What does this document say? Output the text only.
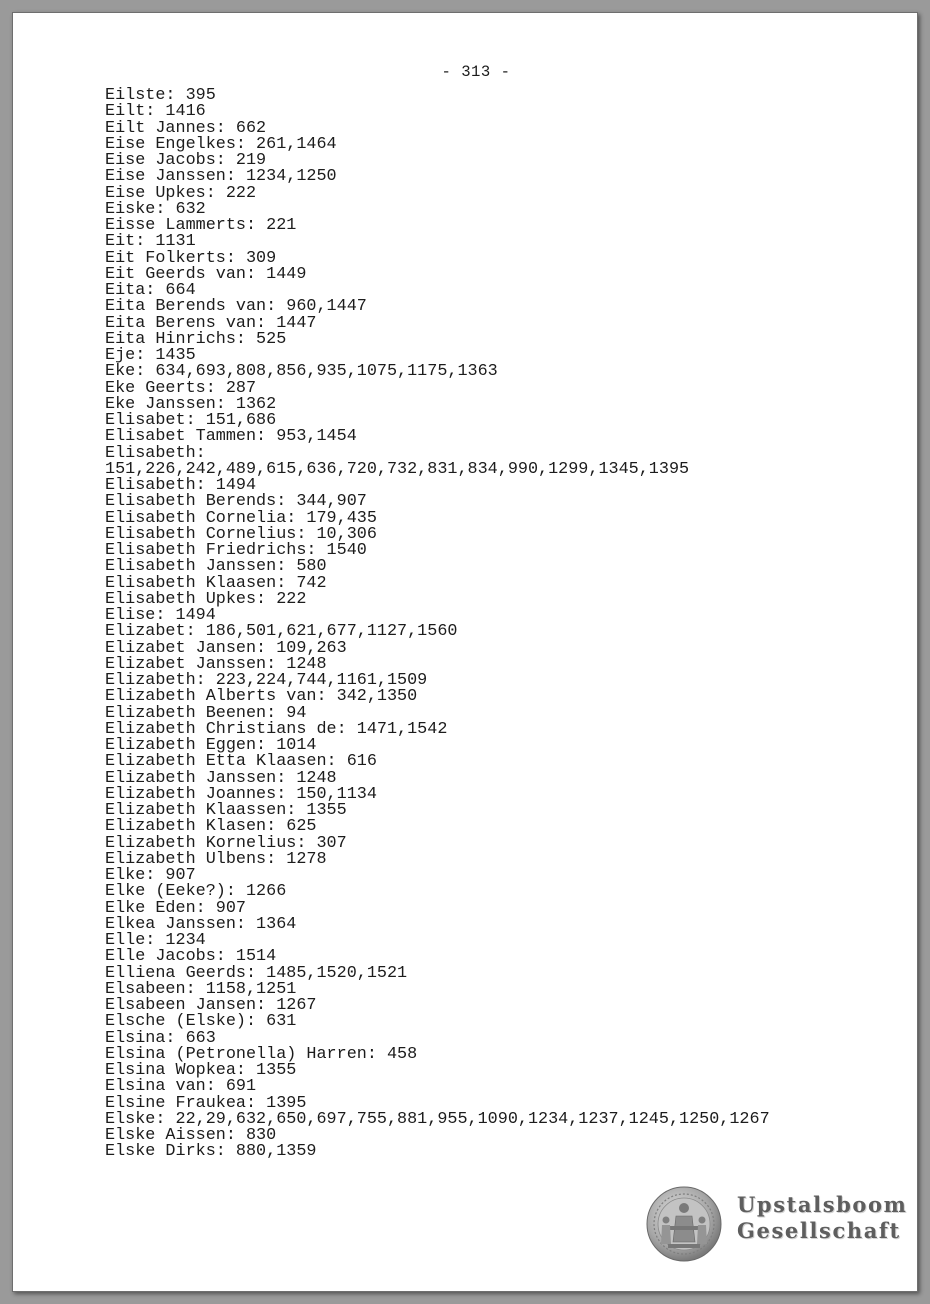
- 313 -
Eilste: 395
Eilt: 1416
Eilt Jannes: 662
Eise Engelkes: 261,1464
Eise Jacobs: 219
Eise Janssen: 1234,1250
Eise Upkes: 222
Eiske: 632
Eisse Lammerts: 221
Eit: 1131
Eit Folkerts: 309
Eit Geerds van: 1449
Eita: 664
Eita Berends van: 960,1447
Eita Berens van: 1447
Eita Hinrichs: 525
Eje: 1435
Eke: 634,693,808,856,935,1075,1175,1363
Eke Geerts: 287
Eke Janssen: 1362
Elisabet: 151,686
Elisabet Tammen: 953,1454
Elisabeth:
151,226,242,489,615,636,720,732,831,834,990,1299,1345,1395
Elisabeth: 1494
Elisabeth Berends: 344,907
Elisabeth Cornelia: 179,435
Elisabeth Cornelius: 10,306
Elisabeth Friedrichs: 1540
Elisabeth Janssen: 580
Elisabeth Klaasen: 742
Elisabeth Upkes: 222
Elise: 1494
Elizabet: 186,501,621,677,1127,1560
Elizabet Jansen: 109,263
Elizabet Janssen: 1248
Elizabeth: 223,224,744,1161,1509
Elizabeth Alberts van: 342,1350
Elizabeth Beenen: 94
Elizabeth Christians de: 1471,1542
Elizabeth Eggen: 1014
Elizabeth Etta Klaasen: 616
Elizabeth Janssen: 1248
Elizabeth Joannes: 150,1134
Elizabeth Klaassen: 1355
Elizabeth Klasen: 625
Elizabeth Kornelius: 307
Elizabeth Ulbens: 1278
Elke: 907
Elke (Eeke?): 1266
Elke Eden: 907
Elkea Janssen: 1364
Elle: 1234
Elle Jacobs: 1514
Elliena Geerds: 1485,1520,1521
Elsabeen: 1158,1251
Elsabeen Jansen: 1267
Elsche (Elske): 631
Elsina: 663
Elsina (Petronella) Harren: 458
Elsina Wopkea: 1355
Elsina van: 691
Elsine Fraukea: 1395
Elske: 22,29,632,650,697,755,881,955,1090,1234,1237,1245,1250,1267
Elske Aissen: 830
Elske Dirks: 880,1359
Upstalsboom
Gesellschaft
